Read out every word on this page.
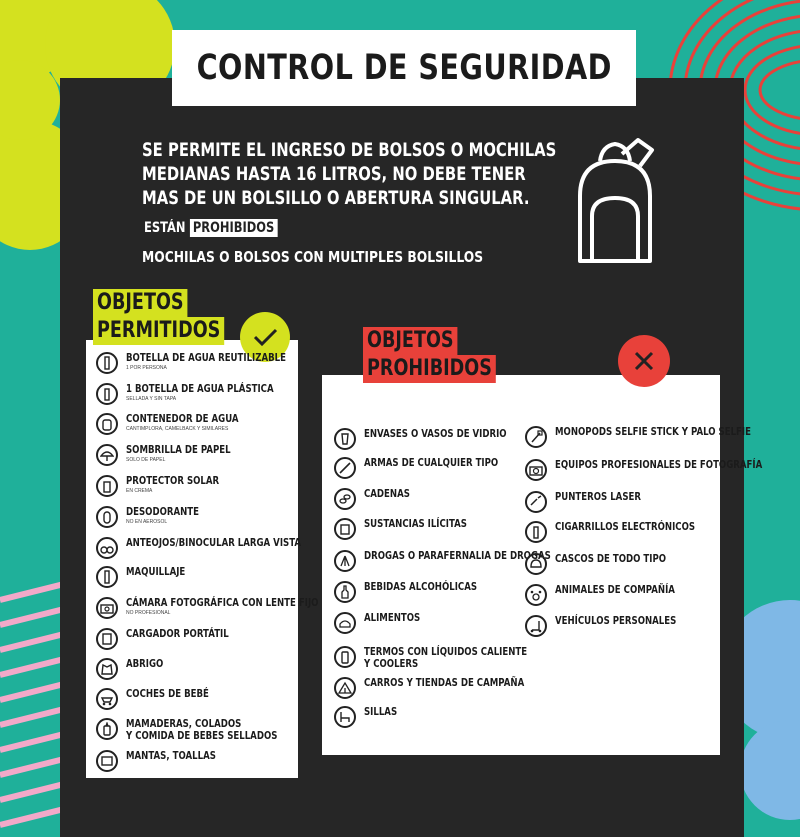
CONTROL DE SEGURIDAD
SE PERMITE EL INGRESO DE BOLSOS O MOCHILAS
MEDIANAS HASTA 16 LITROS, NO DEBE TENER
MAS DE UN BOLSILLO O ABERTURA SINGULAR.
ESTÁN PROHIBIDOS
MOCHILAS O BOLSOS CON MULTIPLES BOLSILLOS
OBJETOS
PERMITIDOS
BOTELLA DE AGUA REUTILIZABLE
1 POR PERSONA
1 BOTELLA DE AGUA PLÁSTICA
SELLADA Y SIN TAPA
CONTENEDOR DE AGUA
CANTIMPLORA, CAMELBACK Y SIMILARES
SOMBRILLA DE PAPEL
SOLO DE PAPEL
PROTECTOR SOLAR
EN CREMA
DESODORANTE
NO EN AEROSOL
ANTEOJOS/BINOCULAR LARGA VISTA
MAQUILLAJE
CÁMARA FOTOGRÁFICA CON LENTE FIJO
NO PROFESIONAL
CARGADOR PORTÁTIL
ABRIGO
COCHES DE BEBÉ
MAMADERAS, COLADOS
Y COMIDA DE BEBES SELLADOS
MANTAS, TOALLAS
OBJETOS
PROHIBIDOS
ENVASES O VASOS DE VIDRIO
ARMAS DE CUALQUIER TIPO
CADENAS
SUSTANCIAS ILÍCITAS
DROGAS O PARAFERNALIA DE DROGAS
BEBIDAS ALCOHÓLICAS
ALIMENTOS
TERMOS CON LÍQUIDOS CALIENTE
Y COOLERS
CARROS Y TIENDAS DE CAMPAÑA
SILLAS
MONOPODS SELFIE STICK Y PALO SELFIE
EQUIPOS PROFESIONALES DE FOTOGRAFÍA
PUNTEROS LASER
CIGARRILLOS ELECTRÓNICOS
CASCOS DE TODO TIPO
ANIMALES DE COMPAÑÍA
VEHÍCULOS PERSONALES
